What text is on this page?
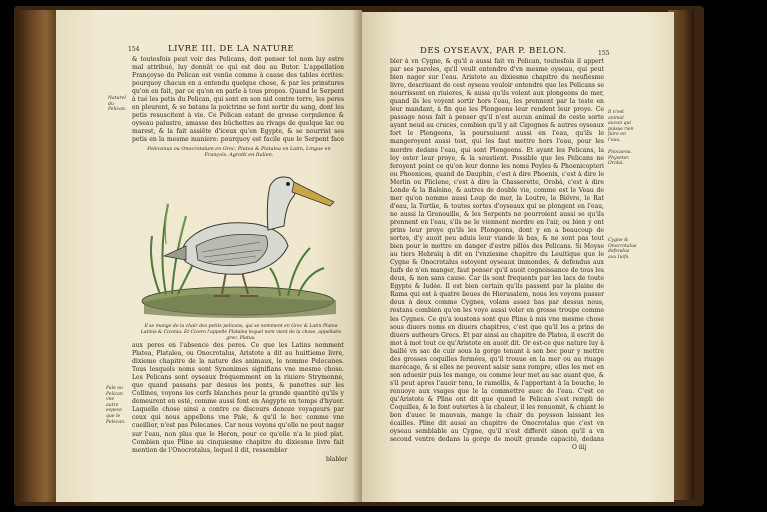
154	LIVRE III. DE LA NATURE

& toutesfois peut voir des Pelicans, doit penser tel nom luy estre mal attribué, luy donnât ce qui est deu au Butor. L'appellation Françoyse du Pelican est venüe comme à cause des tables écrites: pourquoy chacun en a entendu quelque chose, & par les prinstures qu'on en fait, par ce qu'on en parle à tous propos. Quand le Serpent à tué les petis du Pelican, qui sont en son nid contre terre, les peres en pleurent, & se batans la poictrine se font sortir du sang, dont les petis resuscitent à vie. Ce Pelican estant de grosse corpulence & oyseau palustre, amasse des bûchettes au rivage de quelque lac ou marest, & la fait assiëte d'iceux qu'en Egypte, & se nourrist ses petis en la mesme maniere: pourquoy est facile que le Serpent face

Naturel du Pelican.
Pelecanus ou Onocrotalum en Grec, Platea & Platalea en Latin, Lingue en François, Agrotti en Italien.
Il se mange de la chair des petits pelicans, qui se nomment en Grec & Latin Platea Latinis & Ciconia. Et Cicero l'appelle Platalea lequel nom vient de la chose, appellatio grec. Platus.

aux peres en l'absence des peres. Ce que les Latins nomment Platea, Platalea, ou Onocrotalus, Aristote a dit au huittieme livre, dixieme chapitre de la nature des animaux, le nomme Pelecanes. Tous lesquels noms sont Synonimes signifians vne mesme chose. Les Pelicans sont oyseaux fréquemment en la riuiere Strymonne, que quand passans par dessus les ponts, & panettes sur les Collines, voyons les cerfs blanches pour la grande quantité qu'ils y demeurent en esté, comme aussi font en Aegypte en temps d'hyuer. Laquelle chose ainsi a contre ce discours denoze voyageurs par ceux qui nous appellons vne Pale, & qu'il le hec comme vne cueillier, n'est pas Pelecanes. Car nous voyons qu'elle ne peut nager sur l'eau, non plus que le Heron, pour ce qu'elle n'a le pied plat. Combien que Pline au cinquiesme chapitre du dixiesme livre fait mention de l'Onocrotalus, lequel il dit, ressembler

Pale ou Pelican vne autre espece que le Pelecan.
blabler
DES OYSEAVX, PAR P. BELON.	155

bler à vn Cygne, & qu'il a aussi fait vn Pelican, toutesfois il appert par ses paroles, qu'il veult entendre d'vn mesme oyseau, qui peut bien nager sur l'eau. Aristote au dixiesme chapitre du neufiesme livre, descriuant de cest oyseau vouloir entendre que les Pelicans se nourrissent en riuieres, & aussi qu'ils volent aux plongeons de mer, quand ils les voyent sortir hors l'eau, les prennent par la teste en leur mandant, à fin que les Plongeons leur rendent leur proye. Ce passage nous fait à penser qu'il n'est aucun animal de ceste sorte ayant neud au cruces, combien qu'il y ait Cigognes & autres oyseaux fort le Plongeons, la poursuiuent aussi en l'eau, qu'ils le mangeroyent aussi tost, qui les faut mettre hors l'eau, pour les mordre dedans l'eau, qui sont Plongeons. Et ayant les Pelicans, la loy oster leur proye, & la soustient. Possible que les Pelicans ne feroyent point ce qu'on leur donne les noms Poyles & Phoenicopteri ou Phoenices, quand de Dauphin, c'est à dire Phoenix, c'est à dire le Merlin ou Pliclene, c'est à dire la Chasserette, Orobà, c'est à dire Londe & la Baleine, & autres de double vie, comme est le Veau de mer qu'on nomme aussi Loup de mer, la Loutre, le Biëvre, le Rat d'eau, la Tortüe, & toutes sortes d'oyseaux qui se plongent en l'eau, ne aussi la Grenouille, & les Serpents ne pourroient aussi se qu'ils prennent en l'eau, s'ils ne le viennent mordre en l'air, ou bien y ont prins leur proye qu'ils les Plongeons, dont y en a beaucoup de sortes, d'y auoit peu aduis leur viande là bas, & ne sont pas tout bien pour le mettre en danger d'estre pillés des Pelicans. Si Moyse au tiers Hebraïq à dit en l'vnziesme chapitre du Leuitique que le Cygne & Onocrotalus estoyent oyseaux immondes, & defendus aux Iuifs de n'en manger, faut penser qu'il auoit cognoissance de tous les deux, & non sans cause. Car ils sont frequents par les lacs de toute Egypte & Iudée. Il est bien certain qu'ils passent par la plaine de Rama qui est à quatre lieues de Hierusalem, nous les voyons passer deux à deux comme Cygnes, volans assez bas par dessus nous, restans combien qu'on les voye aussi voler en grosse troupe comme les Cygnes. Ce qu'a ioustons sont que Pline à mis vne mesme chose sous diuers noms en diuers chapitres, c'est que qu'il les a prins de diuers autheurs Grecs. Et par ainsi au chapitre de Platea, il escrit de mot à mot tout ce qu'Aristote en auoit dit. Or est-ce que nature luy à baillé vn sac de cuir sous la gorge tenant à son bec pour y mettre des grosses coquilles fermées, qu'il trouue en la mer ou au riuage marécage, & si elles ne peuvent saisir sans rompre, elles les met en son aduenir puis les mange, ou comme leur met au sac auant que, & s'il peut apres l'auoir tenu, le ramollis, & l'apportant à la bouche, le renuoye aux vsages que le la commettre auec de l'eau. C'est ce qu'Aristote & Pline ont dit que quand le Pelican s'est rempli de Coquilles, & le font outertes à la chaleur, il les renuomit, & chiant le bon d'auec le mauvais, mange la chair du poysson laissant les écailles. Pline dit aussi au chapitre de Onocrotalus que c'est vn oyseau semblable au Cygne, qu'il n'est differët sinon qu'il a vn second ventre dedans la gorge de moult grande capacité, dedans

Il n'est animal aucun qui puisse rien faire en l'eau.
Phocaena. Physeter. Orobà.
Cygne & Onocrotalus defendus aux Iuifs.
O iiij
